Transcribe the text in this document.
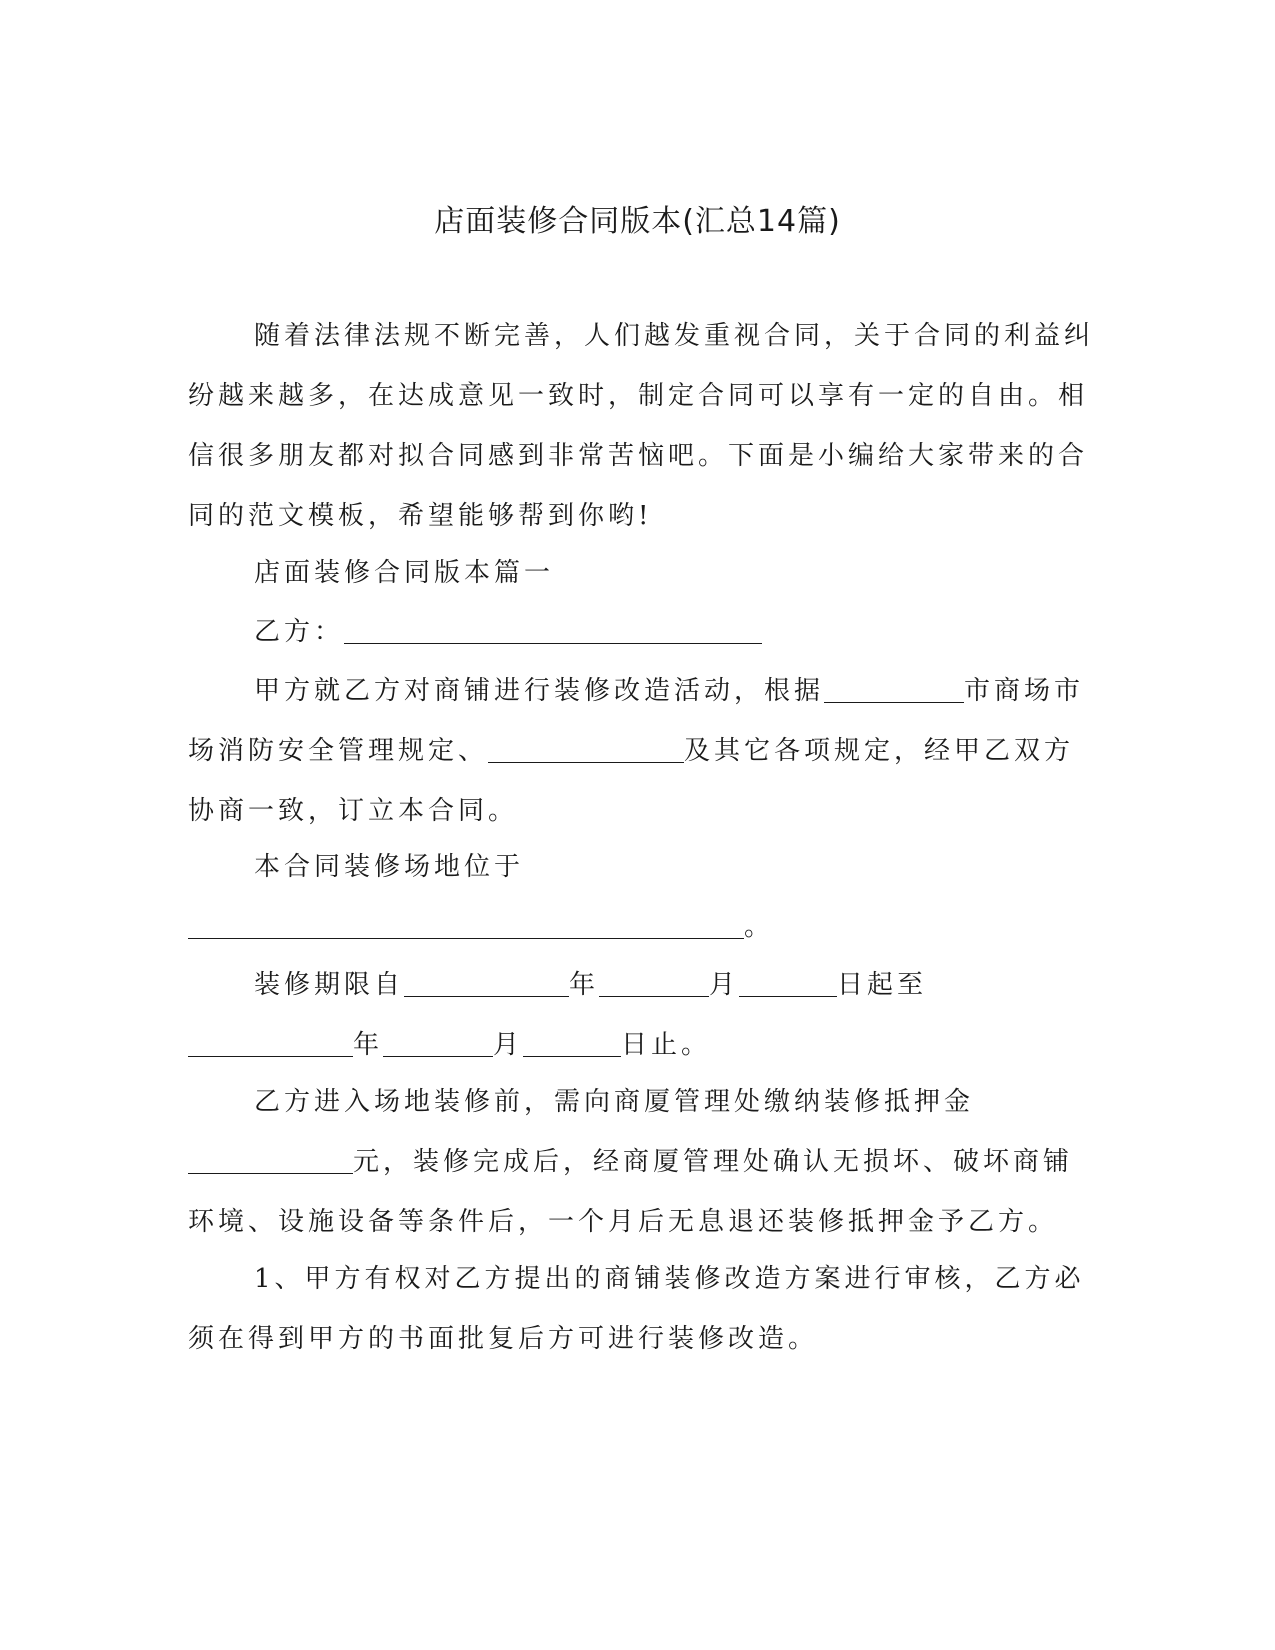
店面装修合同版本(汇总14篇)
随着法律法规不断完善，人们越发重视合同，关于合同的利益纠
纷越来越多，在达成意见一致时，制定合同可以享有一定的自由。相
信很多朋友都对拟合同感到非常苦恼吧。下面是小编给大家带来的合
同的范文模板，希望能够帮到你哟!
店面装修合同版本篇一
乙方：
甲方就乙方对商铺进行装修改造活动，根据	市商场市
场消防安全管理规定、	及其它各项规定，经甲乙双方
协商一致，订立本合同。
本合同装修场地位于
。
装修期限自	年	月	日起至
年	月	日止。
乙方进入场地装修前，需向商厦管理处缴纳装修抵押金
元，装修完成后，经商厦管理处确认无损坏、破坏商铺
环境、设施设备等条件后，一个月后无息退还装修抵押金予乙方。
1、甲方有权对乙方提出的商铺装修改造方案进行审核，乙方必
须在得到甲方的书面批复后方可进行装修改造。
